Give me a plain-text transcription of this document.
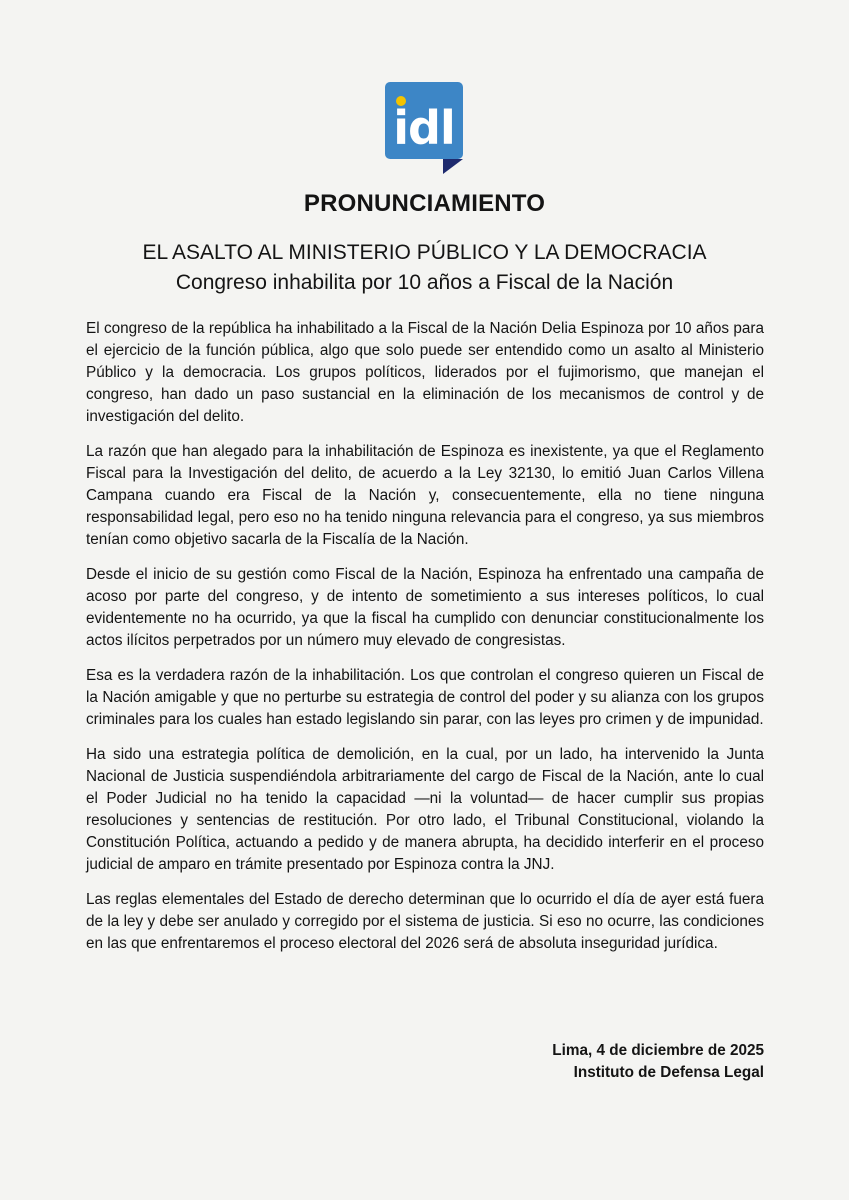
idl
PRONUNCIAMIENTO
EL ASALTO AL MINISTERIO PÚBLICO Y LA DEMOCRACIA
Congreso inhabilita por 10 años a Fiscal de la Nación

El congreso de la república ha inhabilitado a la Fiscal de la Nación Delia Espinoza por 10 años para el ejercicio de la función pública, algo que solo puede ser entendido como un asalto al Ministerio Público y la democracia. Los grupos políticos, liderados por el fujimorismo, que manejan el congreso, han dado un paso sustancial en la eliminación de los mecanismos de control y de investigación del delito.

La razón que han alegado para la inhabilitación de Espinoza es inexistente, ya que el Reglamento Fiscal para la Investigación del delito, de acuerdo a la Ley 32130, lo emitió Juan Carlos Villena Campana cuando era Fiscal de la Nación y, consecuentemente, ella no tiene ninguna responsabilidad legal, pero eso no ha tenido ninguna relevancia para el congreso, ya sus miembros tenían como objetivo sacarla de la Fiscalía de la Nación.

Desde el inicio de su gestión como Fiscal de la Nación, Espinoza ha enfrentado una campaña de acoso por parte del congreso, y de intento de sometimiento a sus intereses políticos, lo cual evidentemente no ha ocurrido, ya que la fiscal ha cumplido con denunciar constitucionalmente los actos ilícitos perpetrados por un número muy elevado de congresistas.

Esa es la verdadera razón de la inhabilitación. Los que controlan el congreso quieren un Fiscal de la Nación amigable y que no perturbe su estrategia de control del poder y su alianza con los grupos criminales para los cuales han estado legislando sin parar, con las leyes pro crimen y de impunidad.

Ha sido una estrategia política de demolición, en la cual, por un lado, ha intervenido la Junta Nacional de Justicia suspendiéndola arbitrariamente del cargo de Fiscal de la Nación, ante lo cual el Poder Judicial no ha tenido la capacidad —ni la voluntad— de hacer cumplir sus propias resoluciones y sentencias de restitución. Por otro lado, el Tribunal Constitucional, violando la Constitución Política, actuando a pedido y de manera abrupta, ha decidido interferir en el proceso judicial de amparo en trámite presentado por Espinoza contra la JNJ.

Las reglas elementales del Estado de derecho determinan que lo ocurrido el día de ayer está fuera de la ley y debe ser anulado y corregido por el sistema de justicia. Si eso no ocurre, las condiciones en las que enfrentaremos el proceso electoral del 2026 será de absoluta inseguridad jurídica.

Lima, 4 de diciembre de 2025
Instituto de Defensa Legal
